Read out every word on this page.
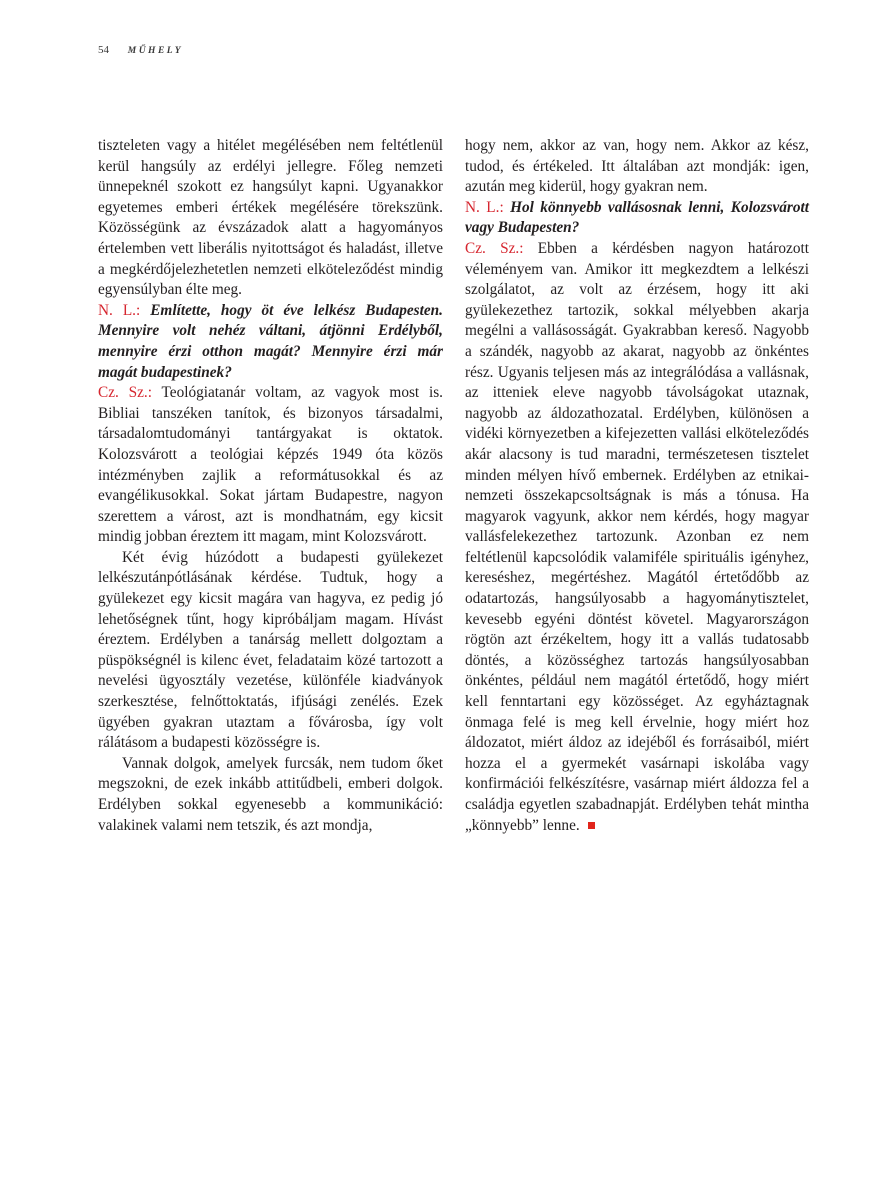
54 MŰHELY

tiszteleten vagy a hitélet megélésében nem feltétlenül kerül hangsúly az erdélyi jellegre. Főleg nemzeti ünnepeknél szokott ez hangsúlyt kapni. Ugyanakkor egyetemes emberi értékek megélésére törekszünk. Közösségünk az évszázadok alatt a hagyományos értelemben vett liberális nyitottságot és haladást, illetve a megkérdőjelezhetetlen nemzeti elköteleződést mindig egyensúlyban élte meg.

N. L.: Említette, hogy öt éve lelkész Budapesten. Mennyire volt nehéz váltani, átjönni Erdélyből, mennyire érzi otthon magát? Mennyire érzi már magát budapestinek?

Cz. Sz.: Teológiatanár voltam, az vagyok most is. Bibliai tanszéken tanítok, és bizonyos társadalmi, társadalomtudományi tantárgyakat is oktatok. Kolozsvárott a teológiai képzés 1949 óta közös intézményben zajlik a reformátusokkal és az evangélikusokkal. Sokat jártam Budapestre, nagyon szerettem a várost, azt is mondhatnám, egy kicsit mindig jobban éreztem itt magam, mint Kolozsvárott.

Két évig húzódott a budapesti gyülekezet lelkészutánpótlásának kérdése. Tudtuk, hogy a gyülekezet egy kicsit magára van hagyva, ez pedig jó lehetőségnek tűnt, hogy kipróbáljam magam. Hívást éreztem. Erdélyben a tanárság mellett dolgoztam a püspökségnél is kilenc évet, feladataim közé tartozott a nevelési ügyosztály vezetése, különféle kiadványok szerkesztése, felnőttoktatás, ifjúsági zenélés. Ezek ügyében gyakran utaztam a fővárosba, így volt rálátásom a budapesti közösségre is.

Vannak dolgok, amelyek furcsák, nem tudom őket megszokni, de ezek inkább attitűdbeli, emberi dolgok. Erdélyben sokkal egyenesebb a kommunikáció: valakinek valami nem tetszik, és azt mondja,

hogy nem, akkor az van, hogy nem. Akkor az kész, tudod, és értékeled. Itt általában azt mondják: igen, azután meg kiderül, hogy gyakran nem.

N. L.: Hol könnyebb vallásosnak lenni, Kolozsvárott vagy Budapesten?

Cz. Sz.: Ebben a kérdésben nagyon határozott véleményem van. Amikor itt megkezdtem a lelkészi szolgálatot, az volt az érzésem, hogy itt aki gyülekezethez tartozik, sokkal mélyebben akarja megélni a vallásosságát. Gyakrabban kereső. Nagyobb a szándék, nagyobb az akarat, nagyobb az önkéntes rész. Ugyanis teljesen más az integrálódása a vallásnak, az itteniek eleve nagyobb távolságokat utaznak, nagyobb az áldozathozatal. Erdélyben, különösen a vidéki környezetben a kifejezetten vallási elköteleződés akár alacsony is tud maradni, természetesen tisztelet minden mélyen hívő embernek. Erdélyben az etnikai-nemzeti összekapcsoltságnak is más a tónusa. Ha magyarok vagyunk, akkor nem kérdés, hogy magyar vallásfelekezethez tartozunk. Azonban ez nem feltétlenül kapcsolódik valamiféle spirituális igényhez, kereséshez, megértéshez. Magától értetődőbb az odatartozás, hangsúlyosabb a hagyománytisztelet, kevesebb egyéni döntést követel. Magyarországon rögtön azt érzékeltem, hogy itt a vallás tudatosabb döntés, a közösséghez tartozás hangsúlyosabban önkéntes, például nem magától értetődő, hogy miért kell fenntartani egy közösséget. Az egyháztagnak önmaga felé is meg kell érvelnie, hogy miért hoz áldozatot, miért áldoz az idejéből és forrásaiból, miért hozza el a gyermekét vasárnapi iskolába vagy konfirmációi felkészítésre, vasárnap miért áldozza fel a családja egyetlen szabadnapját. Erdélyben tehát mintha „könnyebb” lenne.
